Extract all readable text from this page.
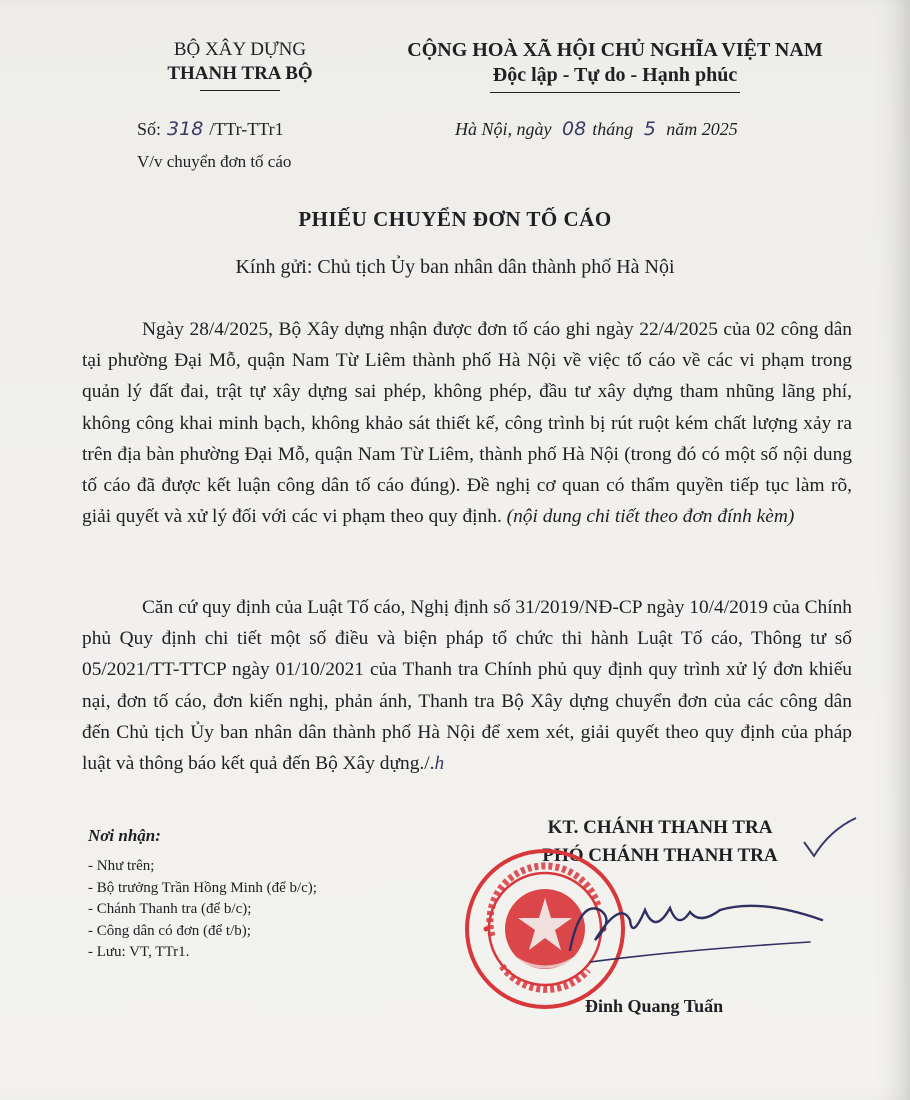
BỘ XÂY DỰNG
THANH TRA BỘ
CỘNG HOÀ XÃ HỘI CHỦ NGHĨA VIỆT NAM
Độc lập - Tự do - Hạnh phúc
Số: 318 /TTr-TTr1
V/v chuyển đơn tố cáo
Hà Nội, ngày 08 tháng 5 năm 2025
PHIẾU CHUYỂN ĐƠN TỐ CÁO
Kính gửi: Chủ tịch Ủy ban nhân dân thành phố Hà Nội

Ngày 28/4/2025, Bộ Xây dựng nhận được đơn tố cáo ghi ngày 22/4/2025 của 02 công dân tại phường Đại Mỗ, quận Nam Từ Liêm thành phố Hà Nội về việc tố cáo về các vi phạm trong quản lý đất đai, trật tự xây dựng sai phép, không phép, đầu tư xây dựng tham nhũng lãng phí, không công khai minh bạch, không khảo sát thiết kế, công trình bị rút ruột kém chất lượng xảy ra trên địa bàn phường Đại Mỗ, quận Nam Từ Liêm, thành phố Hà Nội (trong đó có một số nội dung tố cáo đã được kết luận công dân tố cáo đúng). Đề nghị cơ quan có thẩm quyền tiếp tục làm rõ, giải quyết và xử lý đối với các vi phạm theo quy định. (nội dung chi tiết theo đơn đính kèm)

Căn cứ quy định của Luật Tố cáo, Nghị định số 31/2019/NĐ-CP ngày 10/4/2019 của Chính phủ Quy định chi tiết một số điều và biện pháp tổ chức thi hành Luật Tố cáo, Thông tư số 05/2021/TT-TTCP ngày 01/10/2021 của Thanh tra Chính phủ quy định quy trình xử lý đơn khiếu nại, đơn tố cáo, đơn kiến nghị, phản ánh, Thanh tra Bộ Xây dựng chuyển đơn của các công dân đến Chủ tịch Ủy ban nhân dân thành phố Hà Nội để xem xét, giải quyết theo quy định của pháp luật và thông báo kết quả đến Bộ Xây dựng./.h

Nơi nhận:
- Như trên;
- Bộ trưởng Trần Hồng Minh (để b/c);
- Chánh Thanh tra (để b/c);
- Công dân có đơn (để t/b);
- Lưu: VT, TTr1.
KT. CHÁNH THANH TRA
PHÓ CHÁNH THANH TRA
Đinh Quang Tuấn
